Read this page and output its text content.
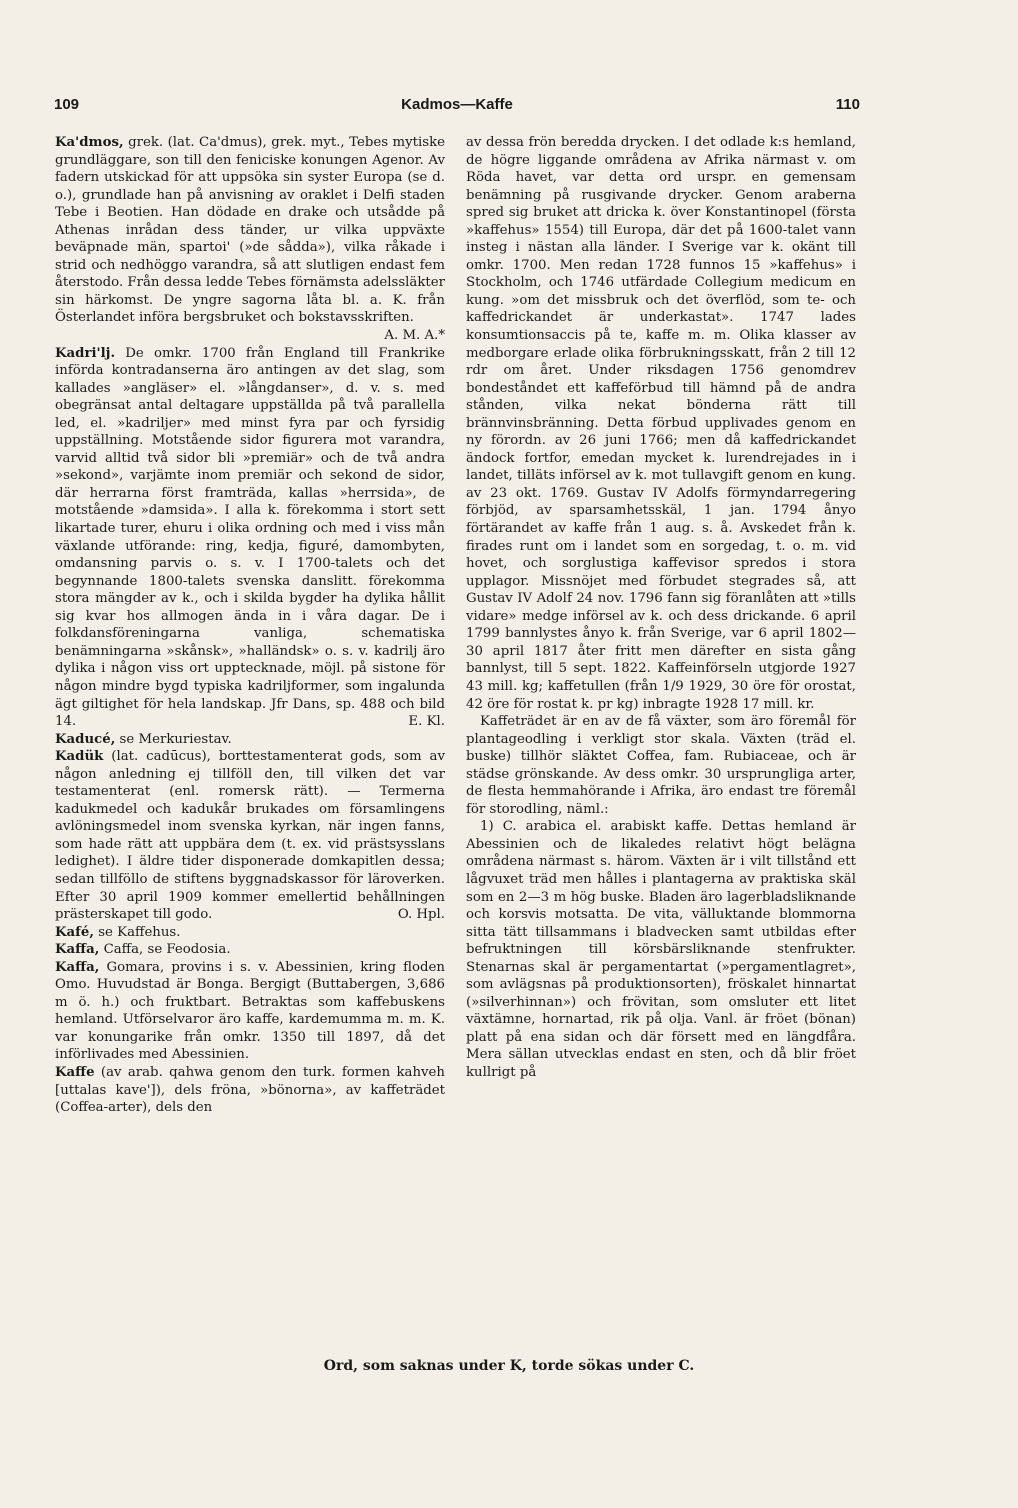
109	Kadmos—Kaffe	110

Ka'dmos, grek. (lat. Ca'dmus), grek. myt., Tebes mytiske grundläggare, son till den feniciske konungen Agenor. Av fadern utskickad för att uppsöka sin syster Europa (se d. o.), grundlade han på anvisning av oraklet i Delfi staden Tebe i Beotien. Han dödade en drake och utsådde på Athenas inrådan dess tänder, ur vilka uppväxte beväpnade män, spartoi' (»de sådda»), vilka råkade i strid och nedhöggo varandra, så att slutligen endast fem återstodo. Från dessa ledde Tebes förnämsta adelssläkter sin härkomst. De yngre sagorna låta bl. a. K. från Österlandet införa bergsbruket och bokstavsskriften.
A. M. A.*

Kadri'lj. De omkr. 1700 från England till Frankrike införda kontradanserna äro antingen av det slag, som kallades »angläser» el. »långdanser», d. v. s. med obegränsat antal deltagare uppställda på två parallella led, el. »kadriljer» med minst fyra par och fyrsidig uppställning. Motstående sidor figurera mot varandra, varvid alltid två sidor bli »premiär» och de två andra »sekond», varjämte inom premiär och sekond de sidor, där herrarna först framträda, kallas »herrsida», de motstående »damsida». I alla k. förekomma i stort sett likartade turer, ehuru i olika ordning och med i viss mån växlande utförande: ring, kedja, figuré, damombyten, omdansning parvis o. s. v. I 1700-talets och det begynnande 1800-talets svenska danslitt. förekomma stora mängder av k., och i skilda bygder ha dylika hållit sig kvar hos allmogen ända in i våra dagar. De i folkdansföreningarna vanliga, schematiska benämningarna »skånsk», »halländsk» o. s. v. kadrilj äro dylika i någon viss ort upptecknade, möjl. på sistone för någon mindre bygd typiska kadriljformer, som ingalunda ägt giltighet för hela landskap. Jfr Dans, sp. 488 och bild 14.	E. Kl.

Kaducé, se Merkuriestav.

Kadük (lat. cadūcus), borttestamenterat gods, som av någon anledning ej tillföll den, till vilken det var testamenterat (enl. romersk rätt). — Termerna kadukmedel och kadukår brukades om församlingens avlöningsmedel inom svenska kyrkan, när ingen fanns, som hade rätt att uppbära dem (t. ex. vid prästsysslans ledighet). I äldre tider disponerade domkapitlen dessa; sedan tillföllo de stiftens byggnadskassor för läroverken. Efter 30 april 1909 kommer emellertid behållningen prästerskapet till godo.	O. Hpl.

Kafé, se Kaffehus.

Kaffa, Caffa, se Feodosia.

Kaffa, Gomara, provins i s. v. Abessinien, kring floden Omo. Huvudstad är Bonga. Bergigt (Buttabergen, 3,686 m ö. h.) och fruktbart. Betraktas som kaffebuskens hemland. Utförselvaror äro kaffe, kardemumma m. m. K. var konungarike från omkr. 1350 till 1897, då det införlivades med Abessinien.

Kaffe (av arab. qahwa genom den turk. formen kahveh [uttalas kave']), dels fröna, »bönorna», av kaffeträdet (Coffea-arter), dels den

av dessa frön beredda drycken. I det odlade k:s hemland, de högre liggande områdena av Afrika närmast v. om Röda havet, var detta ord urspr. en gemensam benämning på rusgivande drycker. Genom araberna spred sig bruket att dricka k. över Konstantinopel (första »kaffehus» 1554) till Europa, där det på 1600-talet vann insteg i nästan alla länder. I Sverige var k. okänt till omkr. 1700. Men redan 1728 funnos 15 »kaffehus» i Stockholm, och 1746 utfärdade Collegium medicum en kung. »om det missbruk och det överflöd, som te- och kaffedrickandet är underkastat». 1747 lades konsumtionsaccis på te, kaffe m. m. Olika klasser av medborgare erlade olika förbrukningsskatt, från 2 till 12 rdr om året. Under riksdagen 1756 genomdrev bondeståndet ett kaffeförbud till hämnd på de andra stånden, vilka nekat bönderna rätt till brännvinsbränning. Detta förbud upplivades genom en ny förordn. av 26 juni 1766; men då kaffedrickandet ändock fortfor, emedan mycket k. lurendrejades in i landet, tilläts införsel av k. mot tullavgift genom en kung. av 23 okt. 1769. Gustav IV Adolfs förmyndarregering förbjöd, av sparsamhetsskäl, 1 jan. 1794 ånyo förtärandet av kaffe från 1 aug. s. å. Avskedet från k. firades runt om i landet som en sorgedag, t. o. m. vid hovet, och sorglustiga kaffevisor spredos i stora upplagor. Missnöjet med förbudet stegrades så, att Gustav IV Adolf 24 nov. 1796 fann sig föranlåten att »tills vidare» medge införsel av k. och dess drickande. 6 april 1799 bannlystes ånyo k. från Sverige, var 6 april 1802—30 april 1817 åter fritt men därefter en sista gång bannlyst, till 5 sept. 1822. Kaffeinförseln utgjorde 1927 43 mill. kg; kaffetullen (från 1/9 1929, 30 öre för orostat, 42 öre för rostat k. pr kg) inbragte 1928 17 mill. kr.

Kaffeträdet är en av de få växter, som äro föremål för plantageodling i verkligt stor skala. Växten (träd el. buske) tillhör släktet Coffea, fam. Rubiaceae, och är städse grönskande. Av dess omkr. 30 ursprungliga arter, de flesta hemmahörande i Afrika, äro endast tre föremål för storodling, näml.:

1) C. arabica el. arabiskt kaffe. Dettas hemland är Abessinien och de likaledes relativt högt belägna områdena närmast s. härom. Växten är i vilt tillstånd ett lågvuxet träd men hålles i plantagerna av praktiska skäl som en 2—3 m hög buske. Bladen äro lagerbladsliknande och korsvis motsatta. De vita, välluktande blommorna sitta tätt tillsammans i bladvecken samt utbildas efter befruktningen till körsbärsliknande stenfrukter. Stenarnas skal är pergamentartat (»pergamentlagret», som avlägsnas på produktionsorten), fröskalet hinnartat (»silverhinnan») och frövitan, som omsluter ett litet växtämne, hornartad, rik på olja. Vanl. är fröet (bönan) platt på ena sidan och där försett med en längdfåra. Mera sällan utvecklas endast en sten, och då blir fröet kullrigt på

Ord, som saknas under K, torde sökas under C.
